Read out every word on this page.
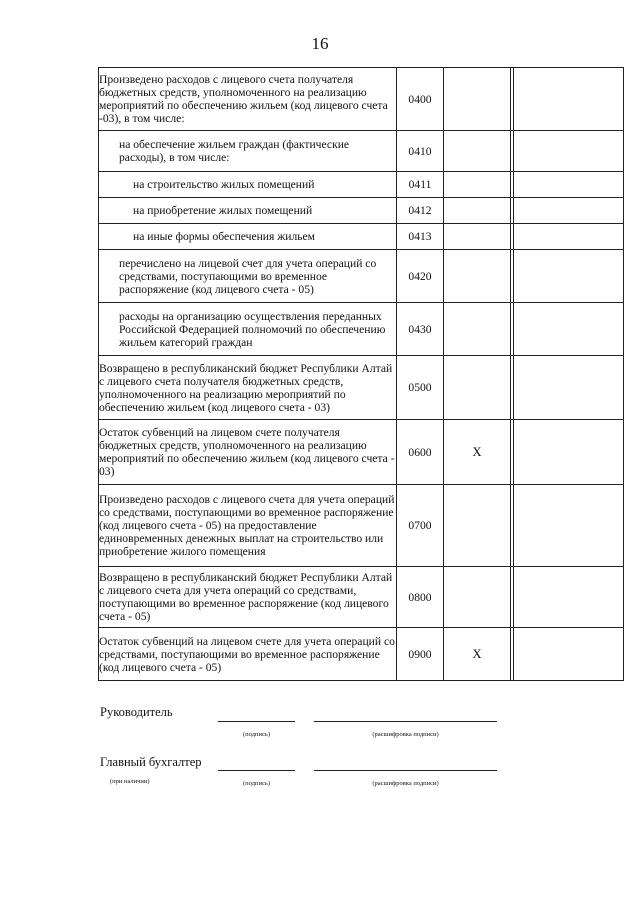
16
Произведено расходов с лицевого счета получателя бюджетных средств, уполномоченного на реализацию мероприятий по обеспечению жильем (код лицевого счета -03), в том числе:	0400			
на обеспечение жильем граждан (фактические расходы), в том числе:	0410			
на строительство жилых помещений	0411			
на приобретение жилых помещений	0412			
на иные формы обеспечения жильем	0413			
перечислено на лицевой счет для учета операций со средствами, поступающими во временное распоряжение (код лицевого счета - 05)	0420			
расходы на организацию осуществления переданных Российской Федерацией полномочий по обеспечению жильем категорий граждан	0430			
Возвращено в республиканский бюджет Республики Алтай с лицевого счета получателя бюджетных средств, уполномоченного на реализацию мероприятий по обеспечению жильем (код лицевого счета - 03)	0500			
Остаток субвенций на лицевом счете получателя бюджетных средств, уполномоченного на реализацию мероприятий по обеспечению жильем (код лицевого счета - 03)	0600	Х		
Произведено расходов с лицевого счета для учета операций со средствами, поступающими во временное распоряжение (код лицевого счета - 05) на предоставление единовременных денежных выплат на строительство или приобретение жилого помещения	0700			
Возвращено в республиканский бюджет Республики Алтай с лицевого счета для учета операций со средствами, поступающими во временное распоряжение (код лицевого счета - 05)	0800			
Остаток субвенций на лицевом счете для учета операций со средствами, поступающими во временное распоряжение (код лицевого счета - 05)	0900	Х		
Руководитель
(подпись)	(расшифровка подписи)
Главный бухгалтер
(при наличии)	(подпись)	(расшифровка подписи)
